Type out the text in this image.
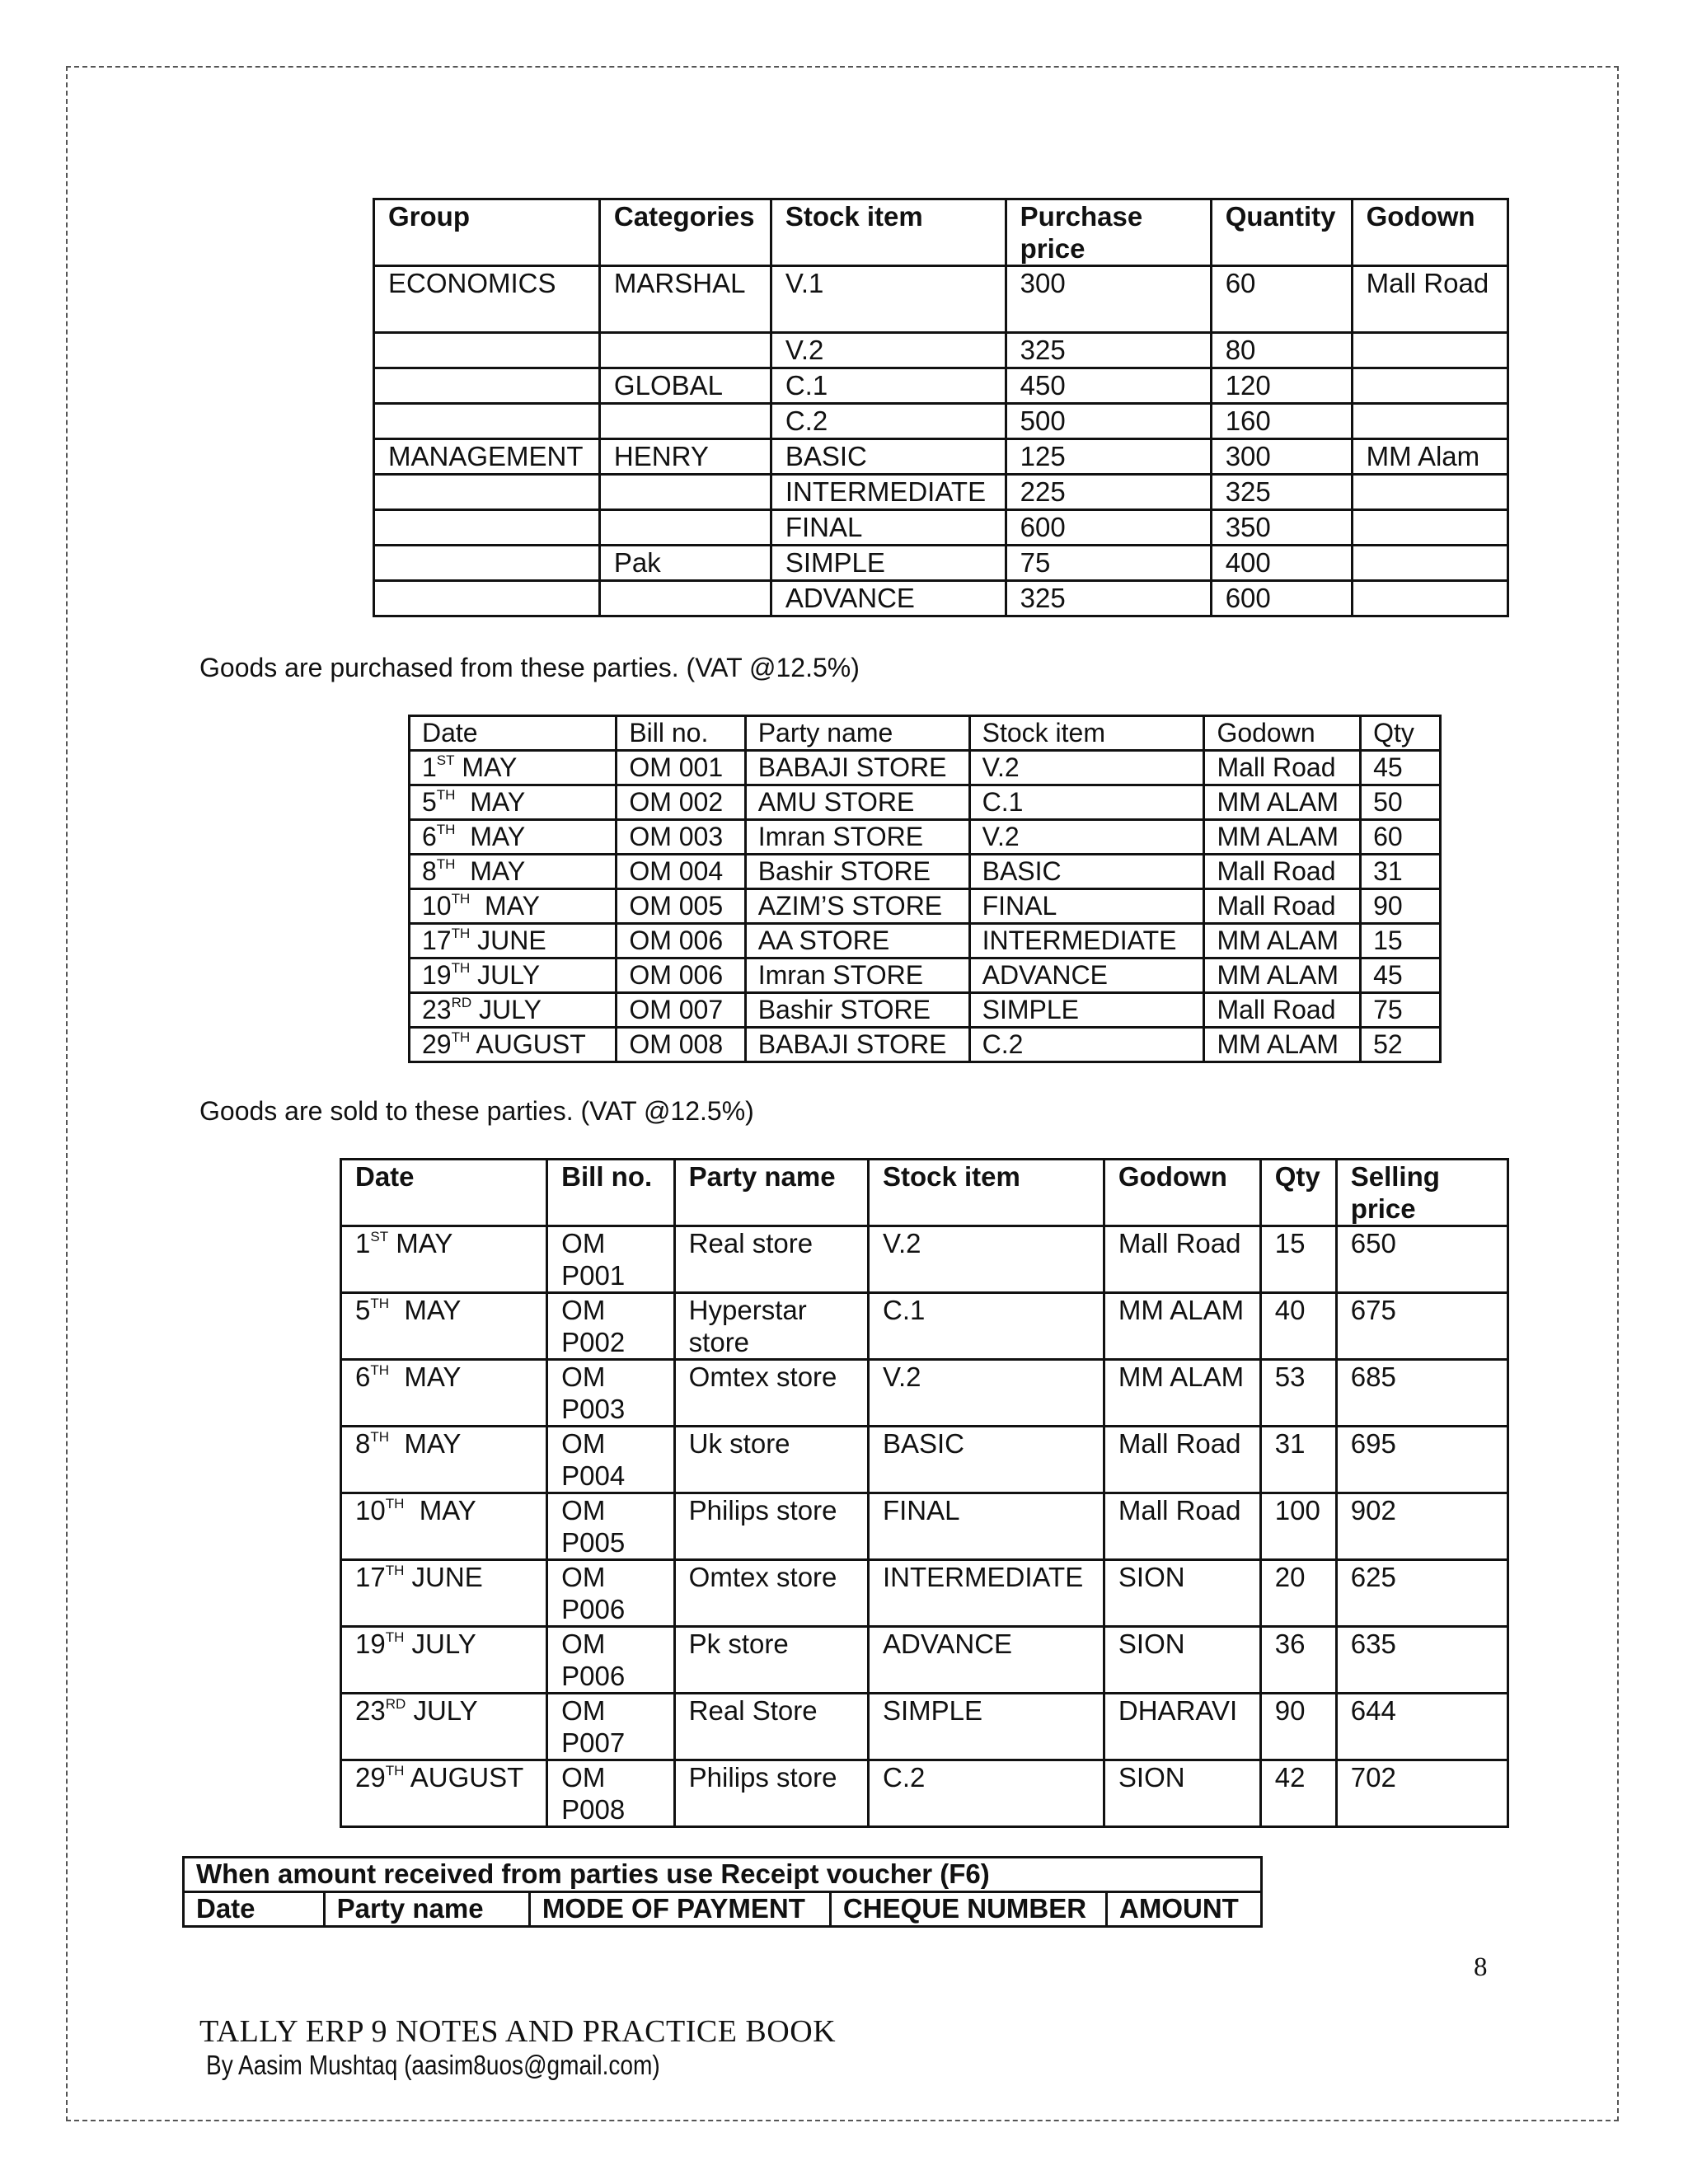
Group	Categories	Stock item	Purchase price	Quantity	Godown
ECONOMICS	MARSHAL	V.1	300	60	Mall Road
		V.2	325	80	
	GLOBAL	C.1	450	120	
		C.2	500	160	
MANAGEMENT	HENRY	BASIC	125	300	MM Alam
		INTERMEDIATE	225	325	
		FINAL	600	350	
	Pak	SIMPLE	75	400	
		ADVANCE	325	600	

Goods are purchased from these parties. (VAT @12.5%)

Date	Bill no.	Party name	Stock item	Godown	Qty
1ST MAY	OM 001	BABAJI STORE	V.2	Mall Road	45
5TH  MAY	OM 002	AMU STORE	C.1	MM ALAM	50
6TH  MAY	OM 003	Imran STORE	V.2	MM ALAM	60
8TH  MAY	OM 004	Bashir STORE	BASIC	Mall Road	31
10TH  MAY	OM 005	AZIM’S STORE	FINAL	Mall Road	90
17TH JUNE	OM 006	AA STORE	INTERMEDIATE	MM ALAM	15
19TH JULY	OM 006	Imran STORE	ADVANCE	MM ALAM	45
23RD JULY	OM 007	Bashir STORE	SIMPLE	Mall Road	75
29TH AUGUST	OM 008	BABAJI STORE	C.2	MM ALAM	52

Goods are sold to these parties. (VAT @12.5%)

Date	Bill no.	Party name	Stock item	Godown	Qty	Selling price
1ST MAY	OM P001	Real store	V.2	Mall Road	15	650
5TH  MAY	OM P002	Hyperstar store	C.1	MM ALAM	40	675
6TH  MAY	OM P003	Omtex store	V.2	MM ALAM	53	685
8TH  MAY	OM P004	Uk store	BASIC	Mall Road	31	695
10TH  MAY	OM P005	Philips store	FINAL	Mall Road	100	902
17TH JUNE	OM P006	Omtex store	INTERMEDIATE	SION	20	625
19TH JULY	OM P006	Pk store	ADVANCE	SION	36	635
23RD JULY	OM P007	Real Store	SIMPLE	DHARAVI	90	644
29TH AUGUST	OM P008	Philips store	C.2	SION	42	702
When amount received from parties use Receipt voucher (F6)
Date	Party name	MODE OF PAYMENT	CHEQUE NUMBER	AMOUNT
8
TALLY ERP 9 NOTES AND PRACTICE BOOK
By Aasim Mushtaq (aasim8uos@gmail.com)
